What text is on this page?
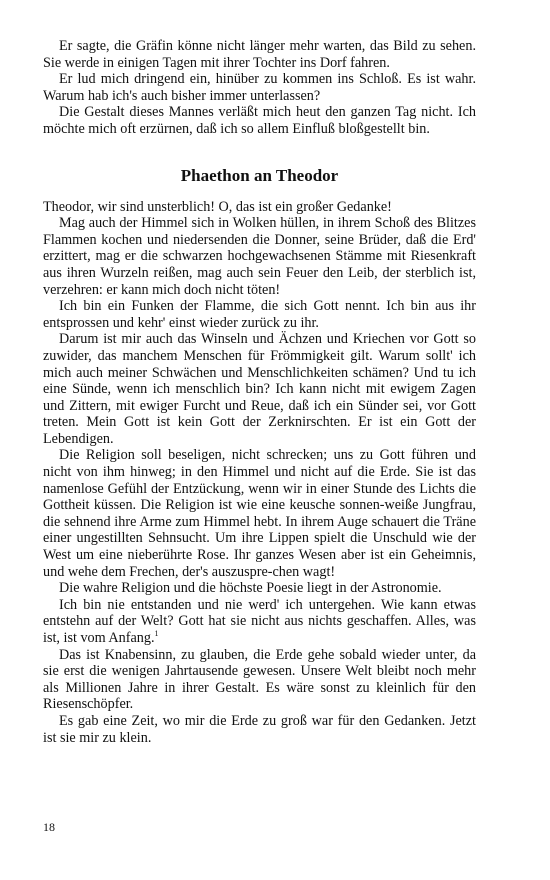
Er sagte, die Gräfin könne nicht länger mehr warten, das Bild zu sehen. Sie werde in einigen Tagen mit ihrer Tochter ins Dorf fahren.

Er lud mich dringend ein, hinüber zu kommen ins Schloß. Es ist wahr. Warum hab ich's auch bisher immer unterlassen?

Die Gestalt dieses Mannes verläßt mich heut den ganzen Tag nicht. Ich möchte mich oft erzürnen, daß ich so allem Einfluß bloßgestellt bin.

Phaethon an Theodor

Theodor, wir sind unsterblich! O, das ist ein großer Gedanke!

Mag auch der Himmel sich in Wolken hüllen, in ihrem Schoß des Blitzes Flammen kochen und niedersenden die Donner, seine Brüder, daß die Erd' erzittert, mag er die schwarzen hochgewachsenen Stämme mit Riesenkraft aus ihren Wurzeln reißen, mag auch sein Feuer den Leib, der sterblich ist, verzehren: er kann mich doch nicht töten!

Ich bin ein Funken der Flamme, die sich Gott nennt. Ich bin aus ihr entsprossen und kehr' einst wieder zurück zu ihr.

Darum ist mir auch das Winseln und Ächzen und Kriechen vor Gott so zuwider, das manchem Menschen für Frömmigkeit gilt. Warum sollt' ich mich auch meiner Schwächen und Menschlichkeiten schämen? Und tu ich eine Sünde, wenn ich menschlich bin? Ich kann nicht mit ewigem Zagen und Zittern, mit ewiger Furcht und Reue, daß ich ein Sünder sei, vor Gott treten. Mein Gott ist kein Gott der Zerknirschten. Er ist ein Gott der Lebendigen.

Die Religion soll beseligen, nicht schrecken; uns zu Gott führen und nicht von ihm hinweg; in den Himmel und nicht auf die Erde. Sie ist das namenlose Gefühl der Entzückung, wenn wir in einer Stunde des Lichts die Gottheit küssen. Die Religion ist wie eine keusche sonnen-weiße Jungfrau, die sehnend ihre Arme zum Himmel hebt. In ihrem Auge schauert die Träne einer ungestillten Sehnsucht. Um ihre Lippen spielt die Unschuld wie der West um eine nieberührte Rose. Ihr ganzes Wesen aber ist ein Geheimnis, und wehe dem Frechen, der's auszuspre-chen wagt!

Die wahre Religion und die höchste Poesie liegt in der Astronomie.

Ich bin nie entstanden und nie werd' ich untergehen. Wie kann etwas entstehn auf der Welt? Gott hat sie nicht aus nichts geschaffen. Alles, was ist, ist vom Anfang.$^1$

Das ist Knabensinn, zu glauben, die Erde gehe sobald wieder unter, da sie erst die wenigen Jahrtausende gewesen. Unsere Welt bleibt noch mehr als Millionen Jahre in ihrer Gestalt. Es wäre sonst zu kleinlich für den Riesenschöpfer.

Es gab eine Zeit, wo mir die Erde zu groß war für den Gedanken. Jetzt ist sie mir zu klein.

18
